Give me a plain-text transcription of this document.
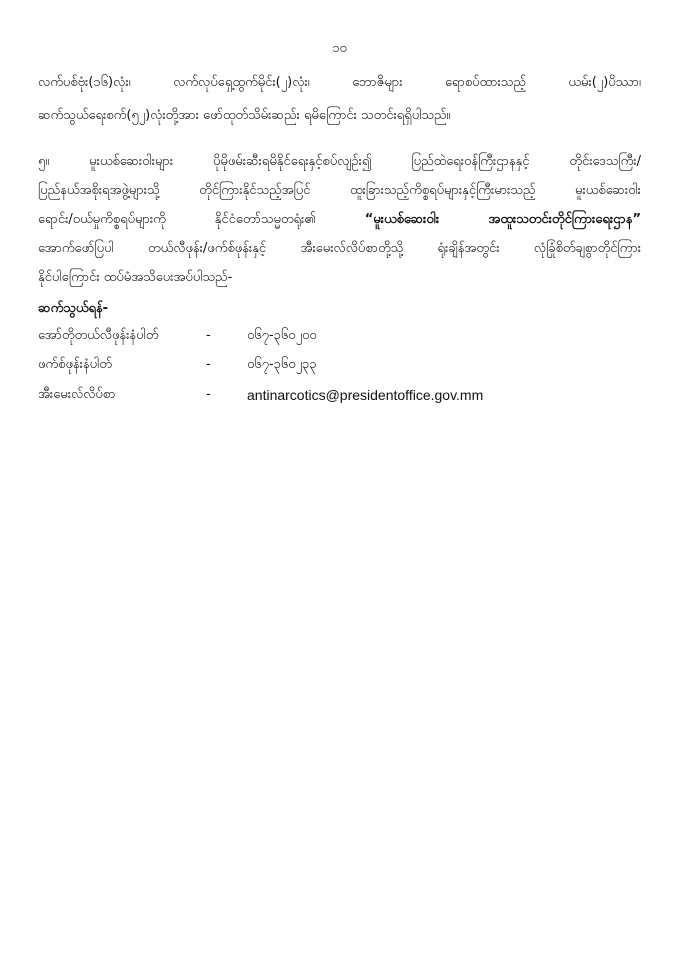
၁၀

လက်ပစ်ဗုံး(၁၆)လုံး၊ လက်လုပ်ရှေ့ထွက်မိုင်း(၂)လုံး၊ ဘောဇိများ ရောစပ်ထားသည့် ယမ်း(၂)ပိဿာ၊
ဆက်သွယ်ရေးစက်(၅၂)လုံးတို့အား ဖော်ထုတ်သိမ်းဆည်း ရမိကြောင်း သတင်းရရှိပါသည်။

၅။ မူးယစ်ဆေးဝါးများ ပိုမိုဖမ်းဆီးရမိနိုင်ရေးနှင့်စပ်လျဉ်း၍ ပြည်ထဲရေးဝန်ကြီးဌာနနှင့် တိုင်းဒေသကြီး/
ပြည်နယ်အစိုးရအဖွဲ့များသို့ တိုင်ကြားနိုင်သည့်အပြင် ထူးခြားသည့်ကိစ္စရပ်များနှင့်ကြီးမားသည့် မူးယစ်ဆေးဝါး
ရောင်း/ဝယ်မှုကိစ္စရပ်များကို နိုင်ငံတော်သမ္မတရုံး၏ “မူးယစ်ဆေးဝါး အထူးသတင်းတိုင်ကြားရေးဌာန”
အောက်ဖော်ပြပါ တယ်လီဖုန်း/ဖက်စ်ဖုန်းနှင့် အီးမေးလ်လိပ်စာတို့သို့ ရုံးချိန်အတွင်း လုံခြုံစိတ်ချစွာတိုင်ကြား
နိုင်ပါကြောင်း ထပ်မံအသိပေးအပ်ပါသည်-

ဆက်သွယ်ရန်-
အော်တိုတယ်လီဖုန်းနံပါတ်	-	၀၆၇-၃၆၀၂၀၀
ဖက်စ်ဖုန်းနံပါတ်	-	၀၆၇-၃၆၀၂၃၃
အီးမေးလ်လိပ်စာ	-	antinarcotics@presidentoffice.gov.mm
